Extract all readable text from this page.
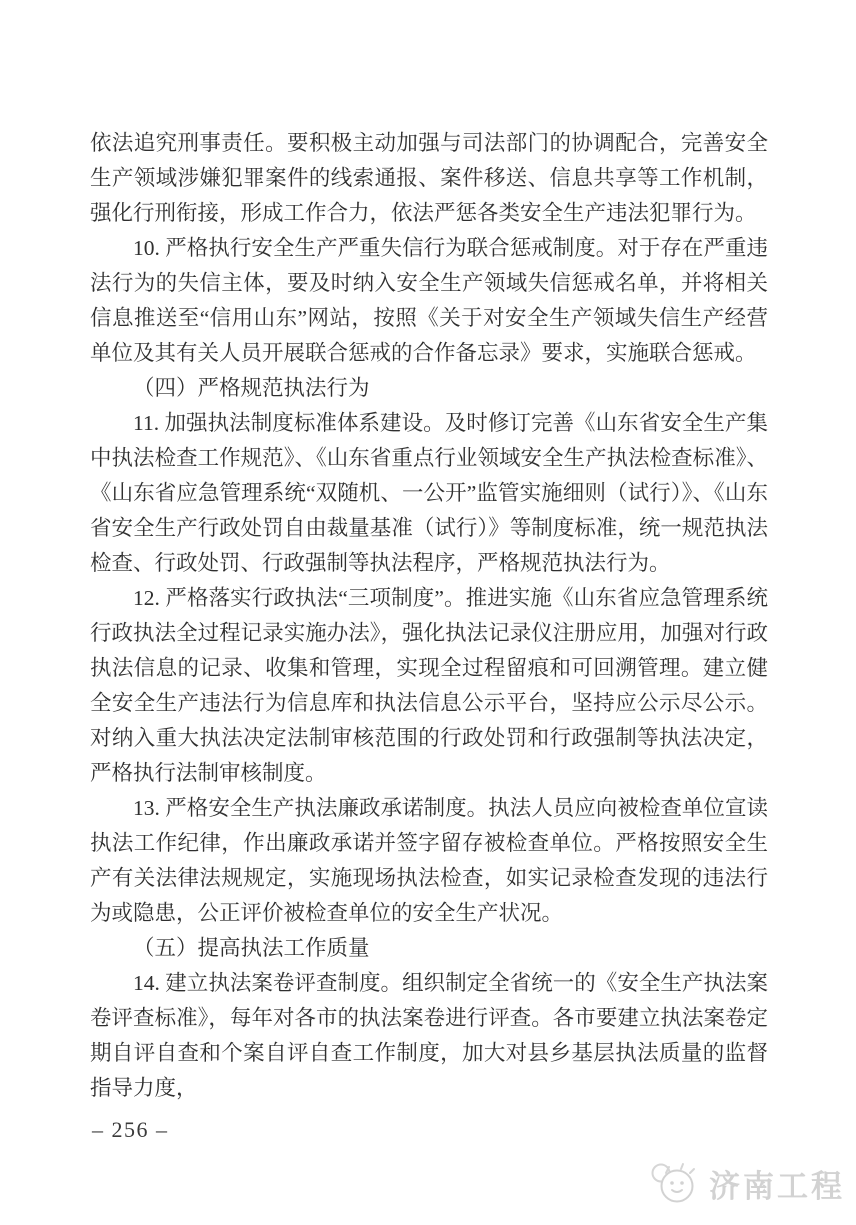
依法追究刑事责任。要积极主动加强与司法部门的协调配合，完善安全生产领域涉嫌犯罪案件的线索通报、案件移送、信息共享等工作机制，强化行刑衔接，形成工作合力，依法严惩各类安全生产违法犯罪行为。

10. 严格执行安全生产严重失信行为联合惩戒制度。对于存在严重违法行为的失信主体，要及时纳入安全生产领域失信惩戒名单，并将相关信息推送至“信用山东”网站，按照《关于对安全生产领域失信生产经营单位及其有关人员开展联合惩戒的合作备忘录》要求，实施联合惩戒。

（四）严格规范执法行为

11. 加强执法制度标准体系建设。及时修订完善《山东省安全生产集中执法检查工作规范》、《山东省重点行业领域安全生产执法检查标准》、《山东省应急管理系统“双随机、一公开”监管实施细则（试行）》、《山东省安全生产行政处罚自由裁量基准（试行）》等制度标准，统一规范执法检查、行政处罚、行政强制等执法程序，严格规范执法行为。

12. 严格落实行政执法“三项制度”。推进实施《山东省应急管理系统行政执法全过程记录实施办法》，强化执法记录仪注册应用，加强对行政执法信息的记录、收集和管理，实现全过程留痕和可回溯管理。建立健全安全生产违法行为信息库和执法信息公示平台，坚持应公示尽公示。对纳入重大执法决定法制审核范围的行政处罚和行政强制等执法决定，严格执行法制审核制度。

13. 严格安全生产执法廉政承诺制度。执法人员应向被检查单位宣读执法工作纪律，作出廉政承诺并签字留存被检查单位。严格按照安全生产有关法律法规规定，实施现场执法检查，如实记录检查发现的违法行为或隐患，公正评价被检查单位的安全生产状况。

（五）提高执法工作质量

14. 建立执法案卷评查制度。组织制定全省统一的《安全生产执法案卷评查标准》，每年对各市的执法案卷进行评查。各市要建立执法案卷定期自评自查和个案自评自查工作制度，加大对县乡基层执法质量的监督指导力度，

– 256 –
济南工程
